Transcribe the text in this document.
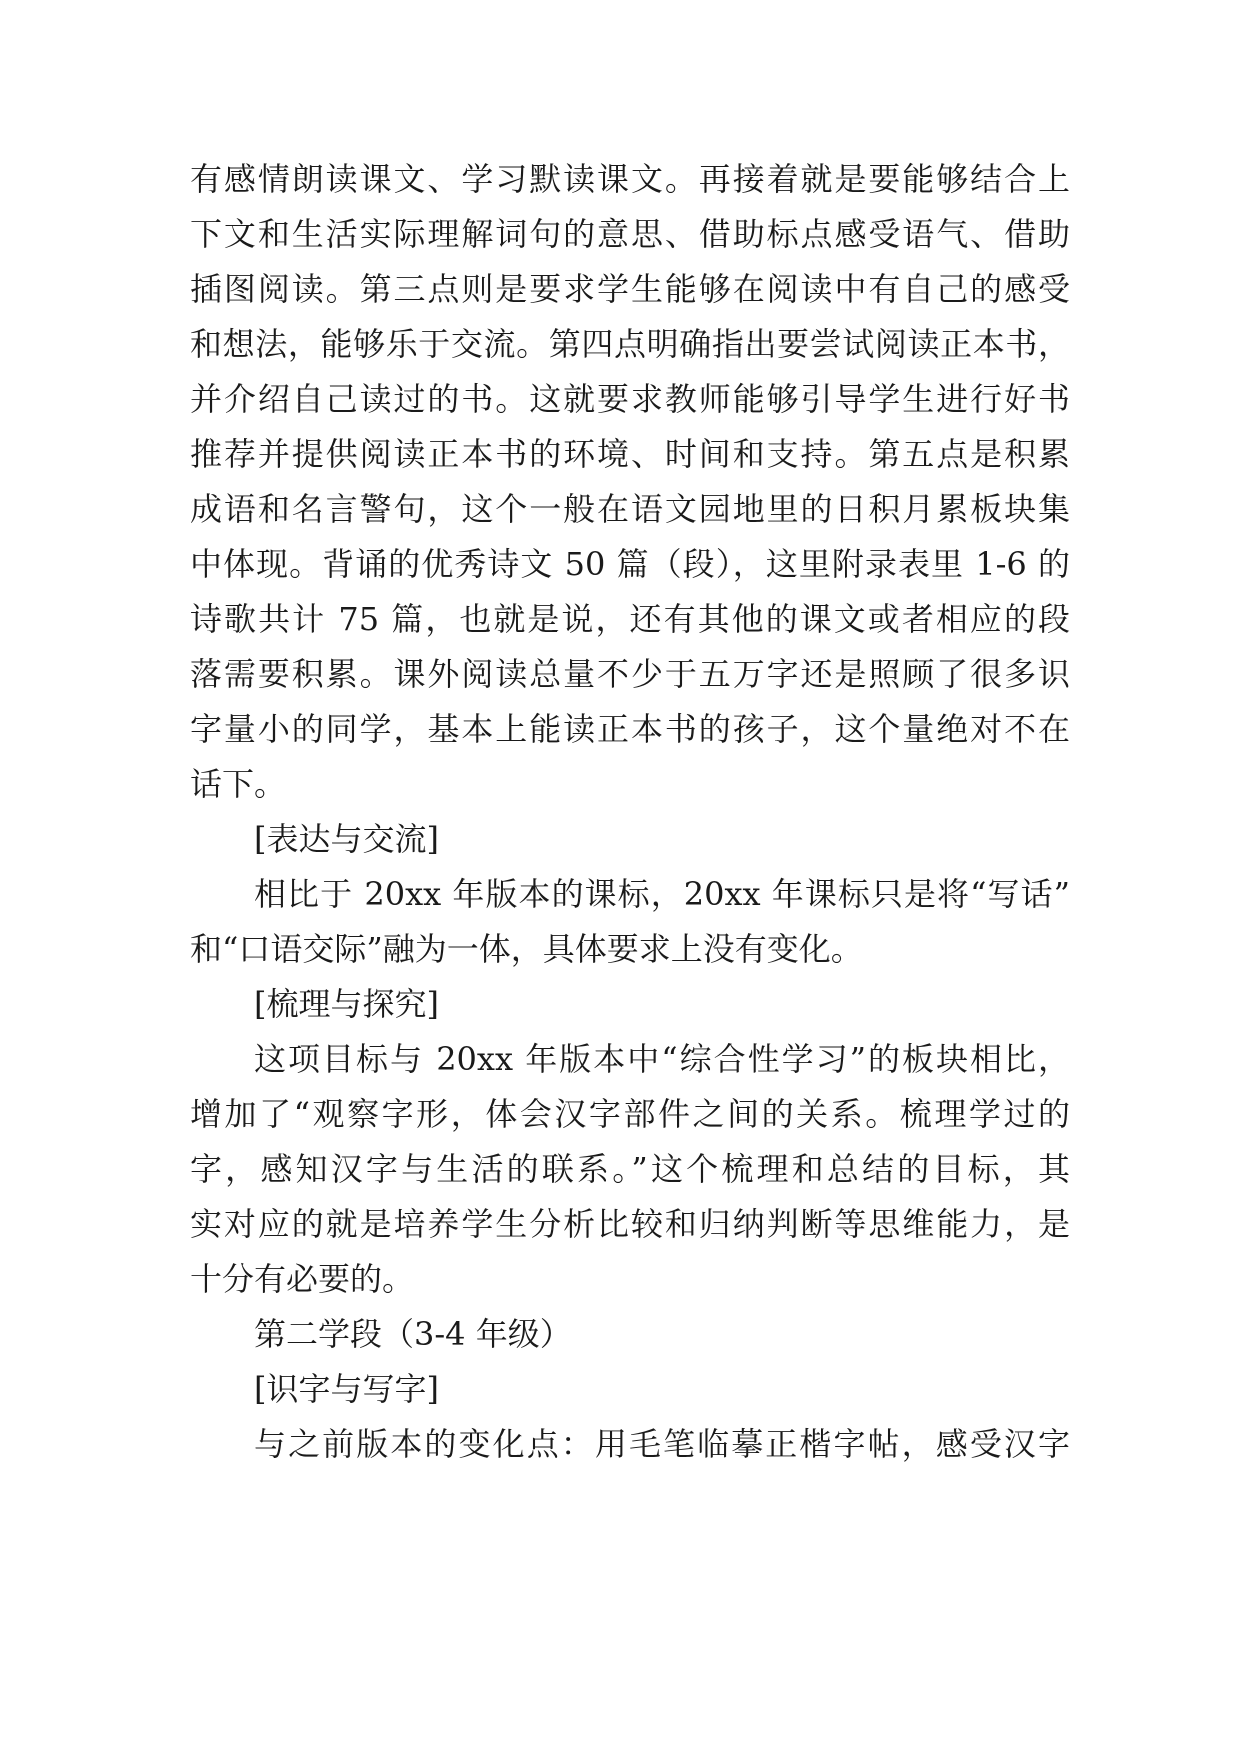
有感情朗读课文、学习默读课文。再接着就是要能够结合上
下文和生活实际理解词句的意思、借助标点感受语气、借助
插图阅读。第三点则是要求学生能够在阅读中有自己的感受
和想法，能够乐于交流。第四点明确指出要尝试阅读正本书，
并介绍自己读过的书。这就要求教师能够引导学生进行好书
推荐并提供阅读正本书的环境、时间和支持。第五点是积累
成语和名言警句，这个一般在语文园地里的日积月累板块集
中体现。背诵的优秀诗文 50 篇（段），这里附录表里 1-6 的
诗歌共计 75 篇，也就是说，还有其他的课文或者相应的段
落需要积累。课外阅读总量不少于五万字还是照顾了很多识
字量小的同学，基本上能读正本书的孩子，这个量绝对不在
话下。
[表达与交流]
相比于 20xx 年版本的课标，20xx 年课标只是将“写话”
和“口语交际”融为一体，具体要求上没有变化。
[梳理与探究]
这项目标与 20xx 年版本中“综合性学习”的板块相比，
增加了“观察字形，体会汉字部件之间的关系。梳理学过的
字，感知汉字与生活的联系。”这个梳理和总结的目标，其
实对应的就是培养学生分析比较和归纳判断等思维能力，是
十分有必要的。
第二学段（3-4 年级）
[识字与写字]
与之前版本的变化点：用毛笔临摹正楷字帖，感受汉字
